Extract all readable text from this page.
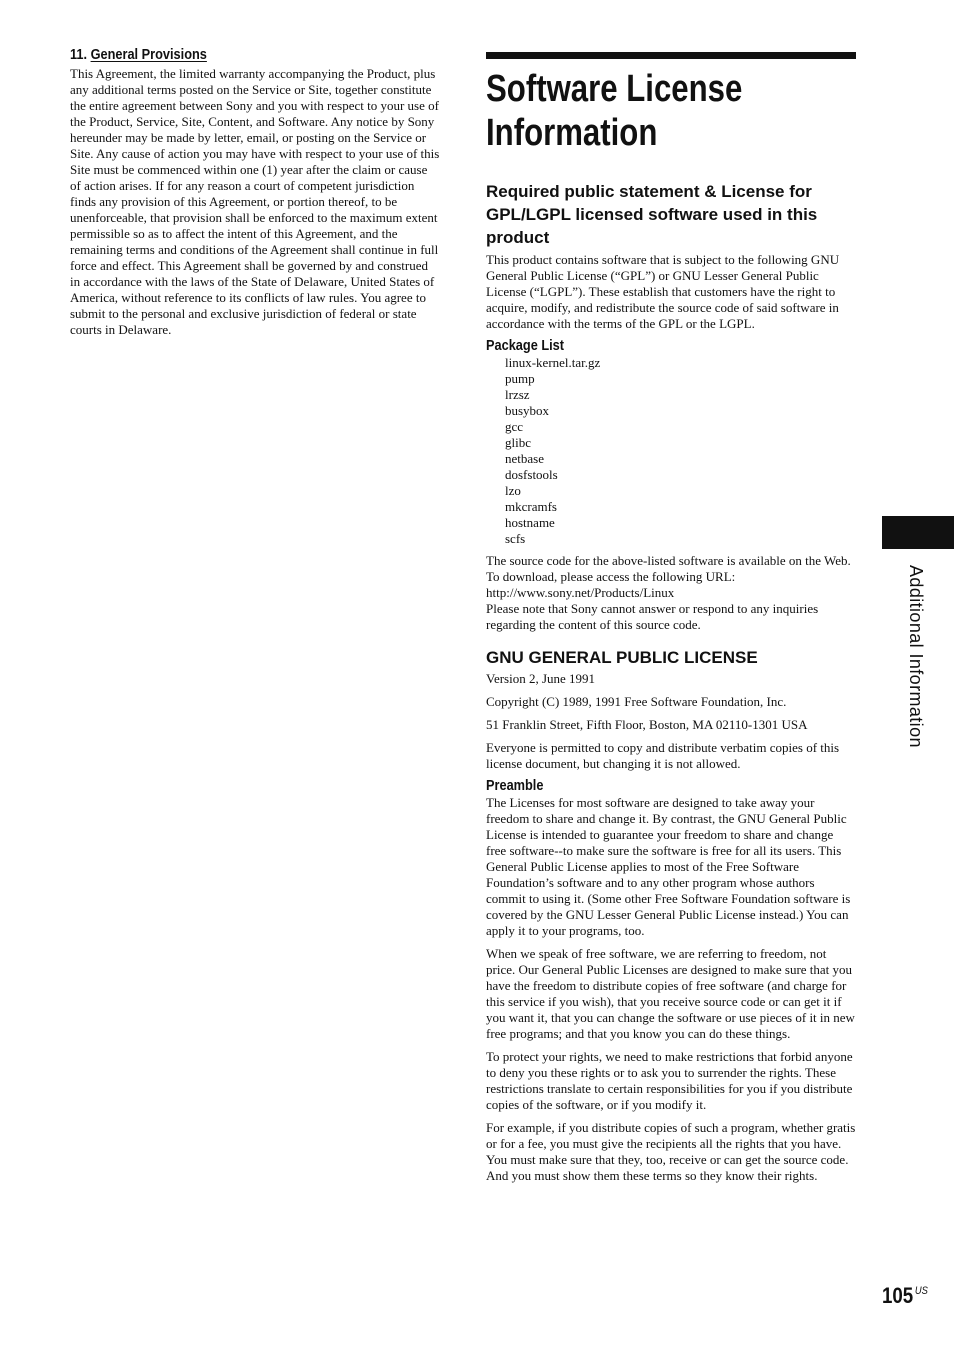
11. General Provisions

This Agreement, the limited warranty accompanying the Product, plus any additional terms posted on the Service or Site, together constitute the entire agreement between Sony and you with respect to your use of the Product, Service, Site, Content, and Software. Any notice by Sony hereunder may be made by letter, email, or posting on the Service or Site. Any cause of action you may have with respect to your use of this Site must be commenced within one (1) year after the claim or cause of action arises. If for any reason a court of competent jurisdiction finds any provision of this Agreement, or portion thereof, to be unenforceable, that provision shall be enforced to the maximum extent permissible so as to affect the intent of this Agreement, and the remaining terms and conditions of the Agreement shall continue in full force and effect. This Agreement shall be governed by and construed in accordance with the laws of the State of Delaware, United States of America, without reference to its conflicts of law rules. You agree to submit to the personal and exclusive jurisdiction of federal or state courts in Delaware.

Software License
Information
Required public statement & License for GPL/LGPL licensed software used in this product

This product contains software that is subject to the following GNU General Public License (“GPL”) or GNU Lesser General Public License (“LGPL”). These establish that customers have the right to acquire, modify, and redistribute the source code of said software in accordance with the terms of the GPL or the LGPL.

Package List
linux-kernel.tar.gz
pump
lrzsz
busybox
gcc
glibc
netbase
dosfstools
lzo
mkcramfs
hostname
scfs

The source code for the above-listed software is available on the Web.

To download, please access the following URL:

http://www.sony.net/Products/Linux

Please note that Sony cannot answer or respond to any inquiries regarding the content of this source code.

GNU GENERAL PUBLIC LICENSE

Version 2, June 1991

Copyright (C) 1989, 1991 Free Software Foundation, Inc.

51 Franklin Street, Fifth Floor, Boston, MA 02110-1301 USA

Everyone is permitted to copy and distribute verbatim copies of this license document, but changing it is not allowed.

Preamble

The Licenses for most software are designed to take away your freedom to share and change it. By contrast, the GNU General Public License is intended to guarantee your freedom to share and change free software--to make sure the software is free for all its users. This General Public License applies to most of the Free Software Foundation’s software and to any other program whose authors commit to using it. (Some other Free Software Foundation software is covered by the GNU Lesser General Public License instead.) You can apply it to your programs, too.

When we speak of free software, we are referring to freedom, not price. Our General Public Licenses are designed to make sure that you have the freedom to distribute copies of free software (and charge for this service if you wish), that you receive source code or can get it if you want it, that you can change the software or use pieces of it in new free programs; and that you know you can do these things.

To protect your rights, we need to make restrictions that forbid anyone to deny you these rights or to ask you to surrender the rights. These restrictions translate to certain responsibilities for you if you distribute copies of the software, or if you modify it.

For example, if you distribute copies of such a program, whether gratis or for a fee, you must give the recipients all the rights that you have. You must make sure that they, too, receive or can get the source code. And you must show them these terms so they know their rights.

Additional Information
105 $^{US}$
